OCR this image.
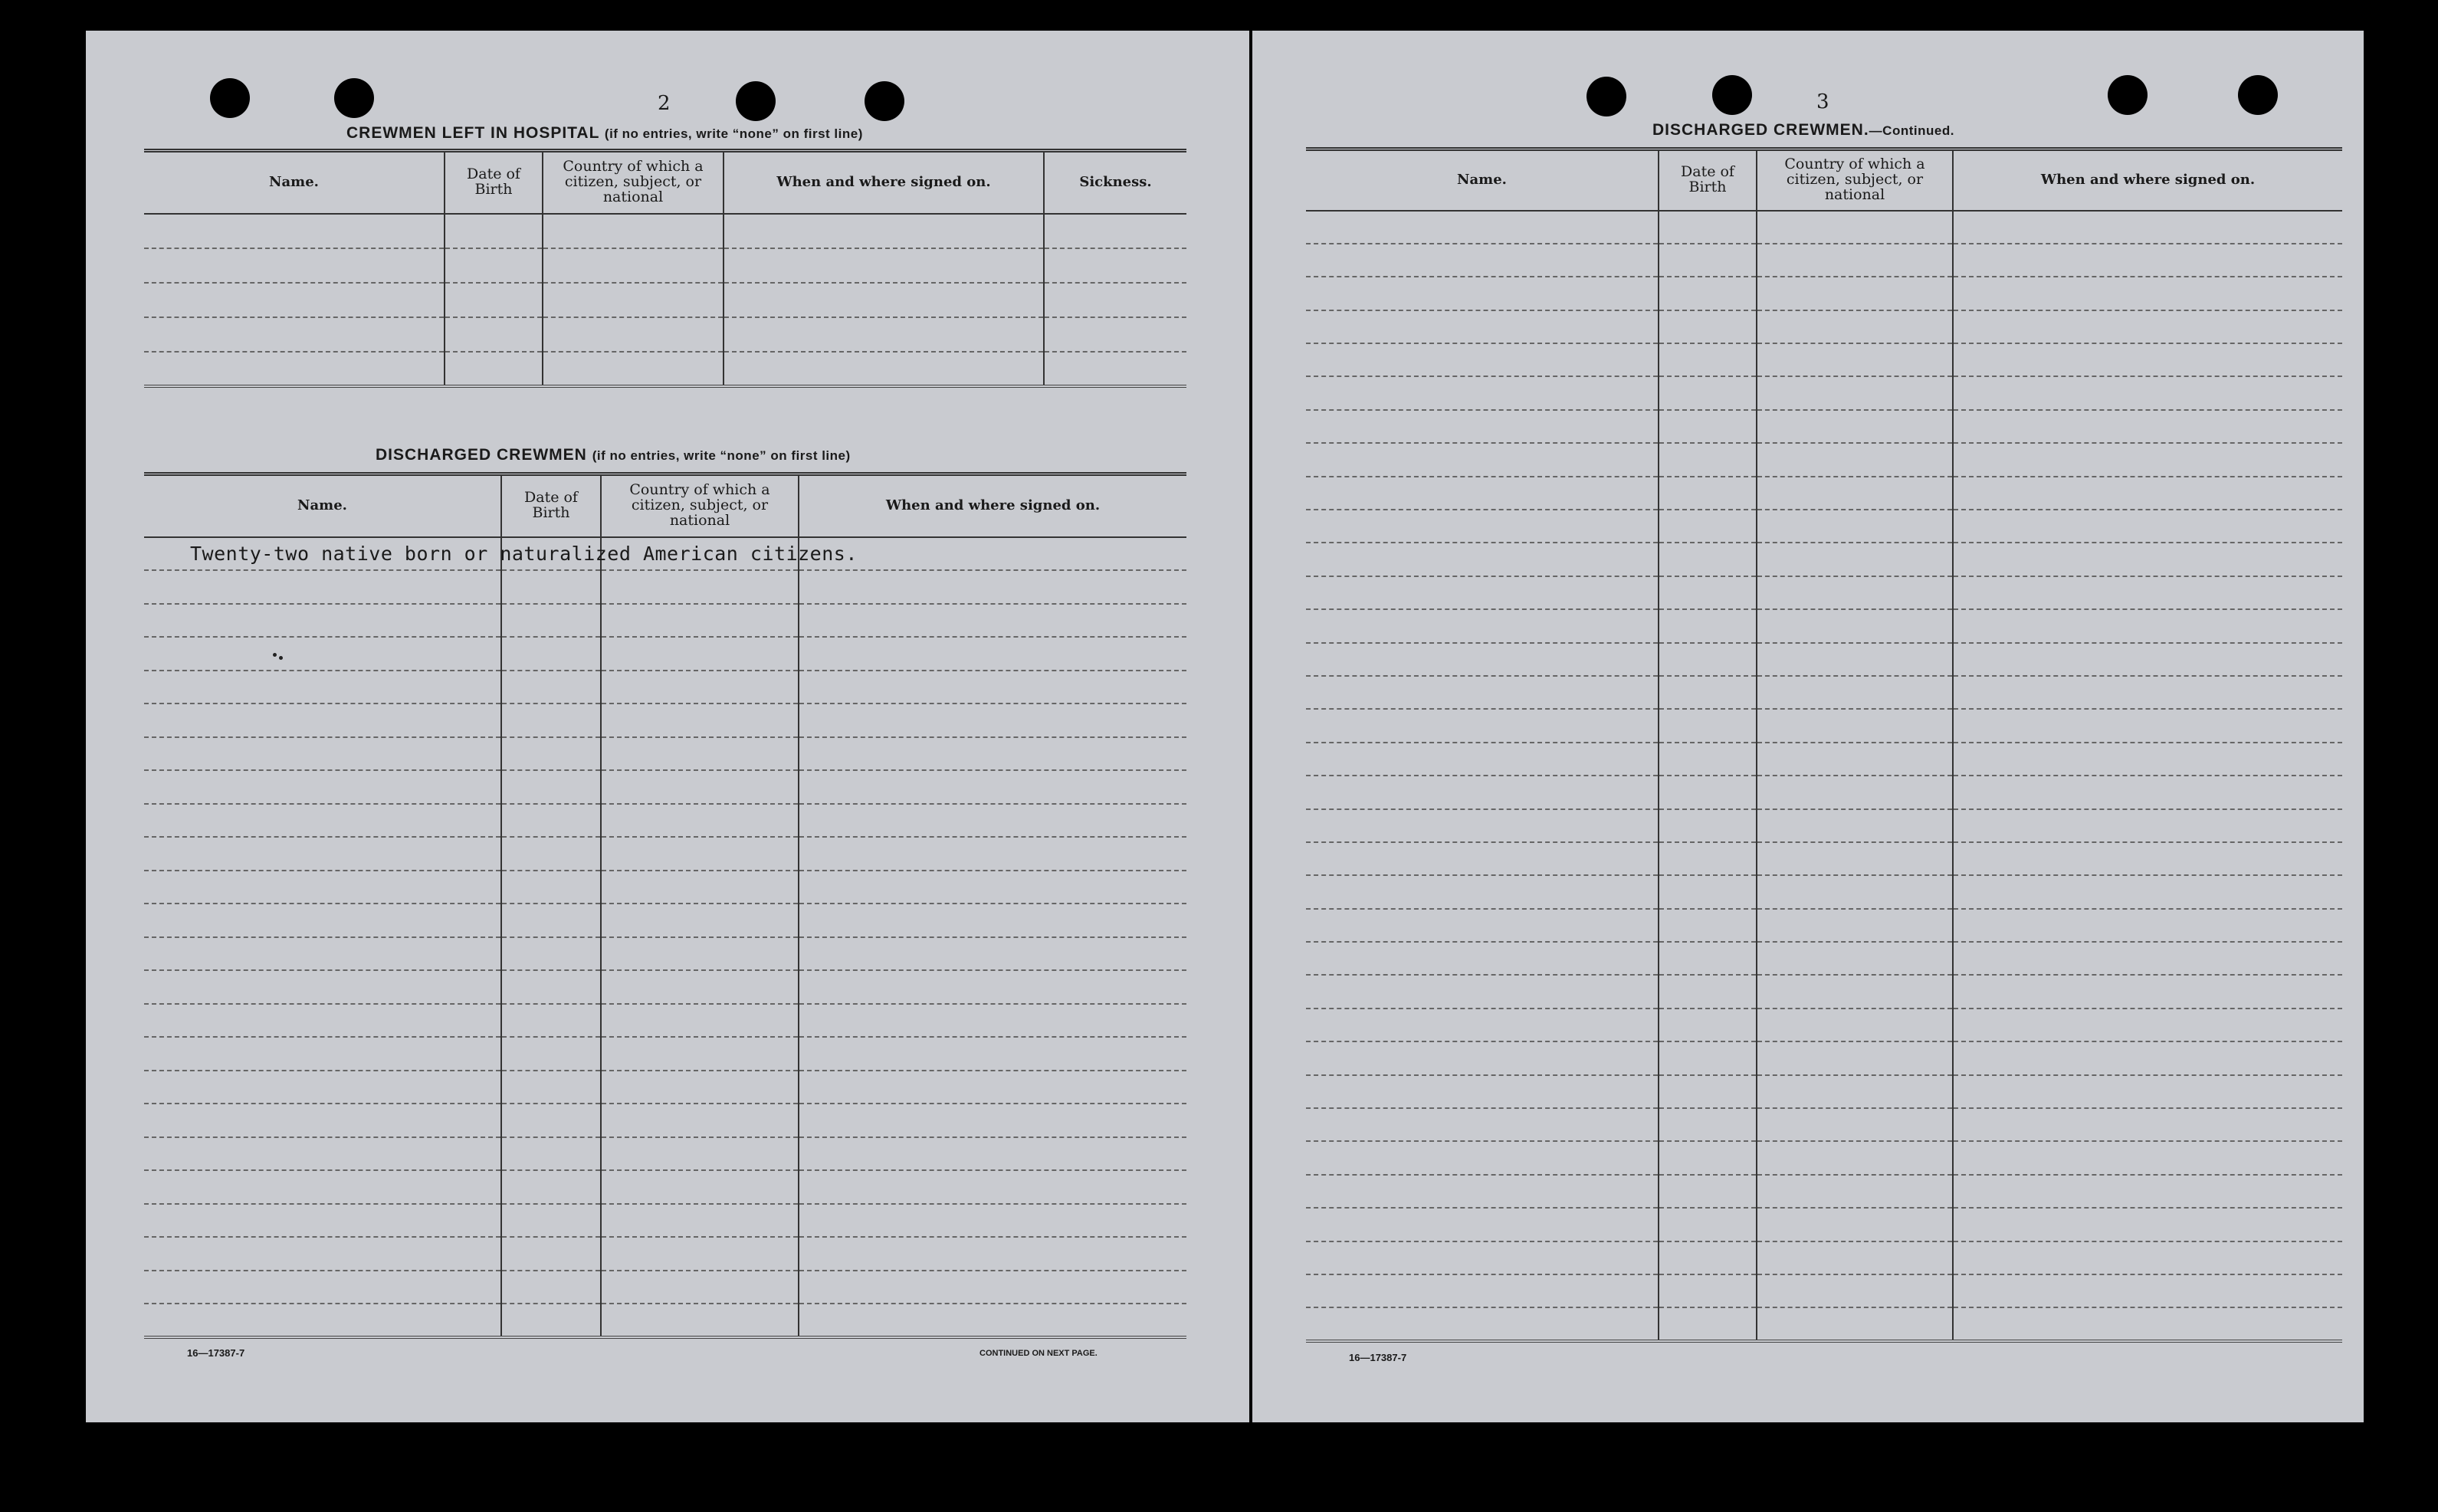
2
CREWMEN LEFT IN HOSPITAL (if no entries, write “none” on first line)
Name.	Date of Birth	Country of which a citizen, subject, or national	When and where signed on.	Sickness.

DISCHARGED CREWMEN (if no entries, write “none” on first line)
Name.	Date of Birth	Country of which a citizen, subject, or national	When and where signed on.

Twenty-two native born or naturalized American citizens.
16—17387-7	CONTINUED ON NEXT PAGE.
3
DISCHARGED CREWMEN.—Continued.
Name.	Date of Birth	Country of which a citizen, subject, or national	When and where signed on.

16—17387-7
